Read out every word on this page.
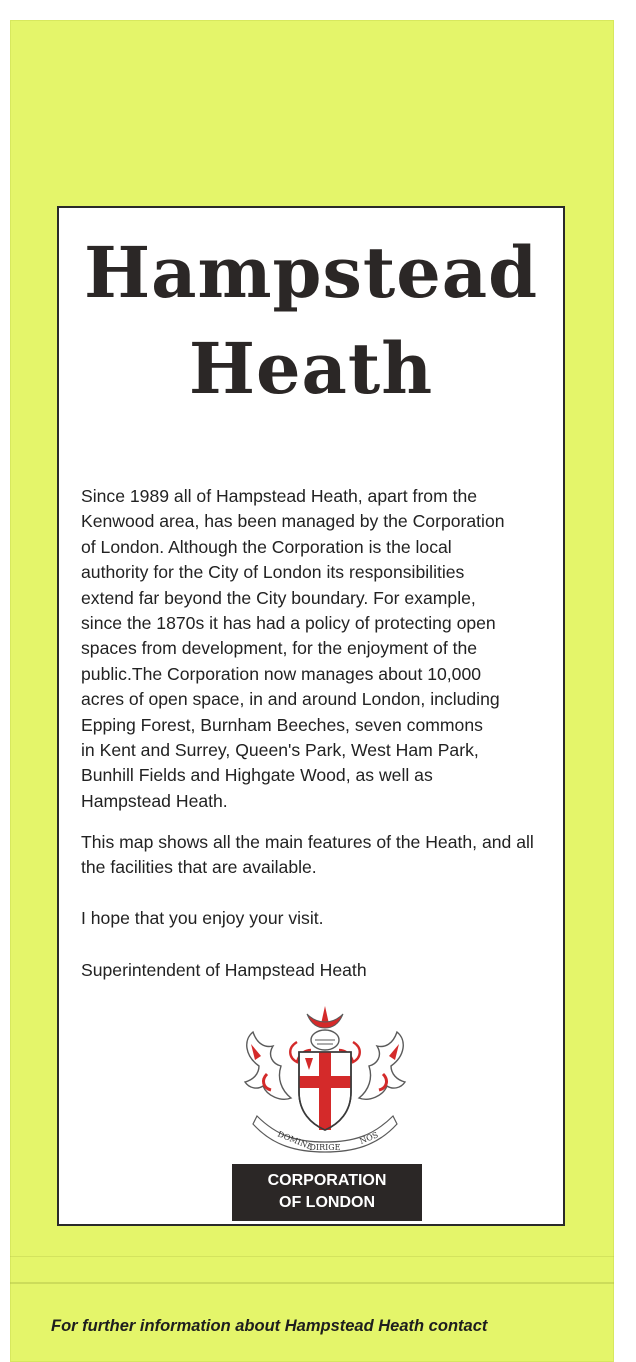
Hampstead
Heath
Since 1989 all of Hampstead Heath, apart from the
Kenwood area, has been managed by the Corporation
of London. Although the Corporation is the local
authority for the City of London its responsibilities
extend far beyond the City boundary. For example,
since the 1870s it has had a policy of protecting open
spaces from development, for the enjoyment of the
public.The Corporation now manages about 10,000
acres of open space, in and around London, including
Epping Forest, Burnham Beeches, seven commons
in Kent and Surrey, Queen's Park, West Ham Park,
Bunhill Fields and Highgate Wood, as well as
Hampstead Heath.
This map shows all the main features of the Heath, and all the facilities that are available.
I hope that you enjoy your visit.
Superintendent of Hampstead Heath
DOMINE
DIRIGE
NOS
CORPORATION
OF LONDON
For further information about Hampstead Heath contact
